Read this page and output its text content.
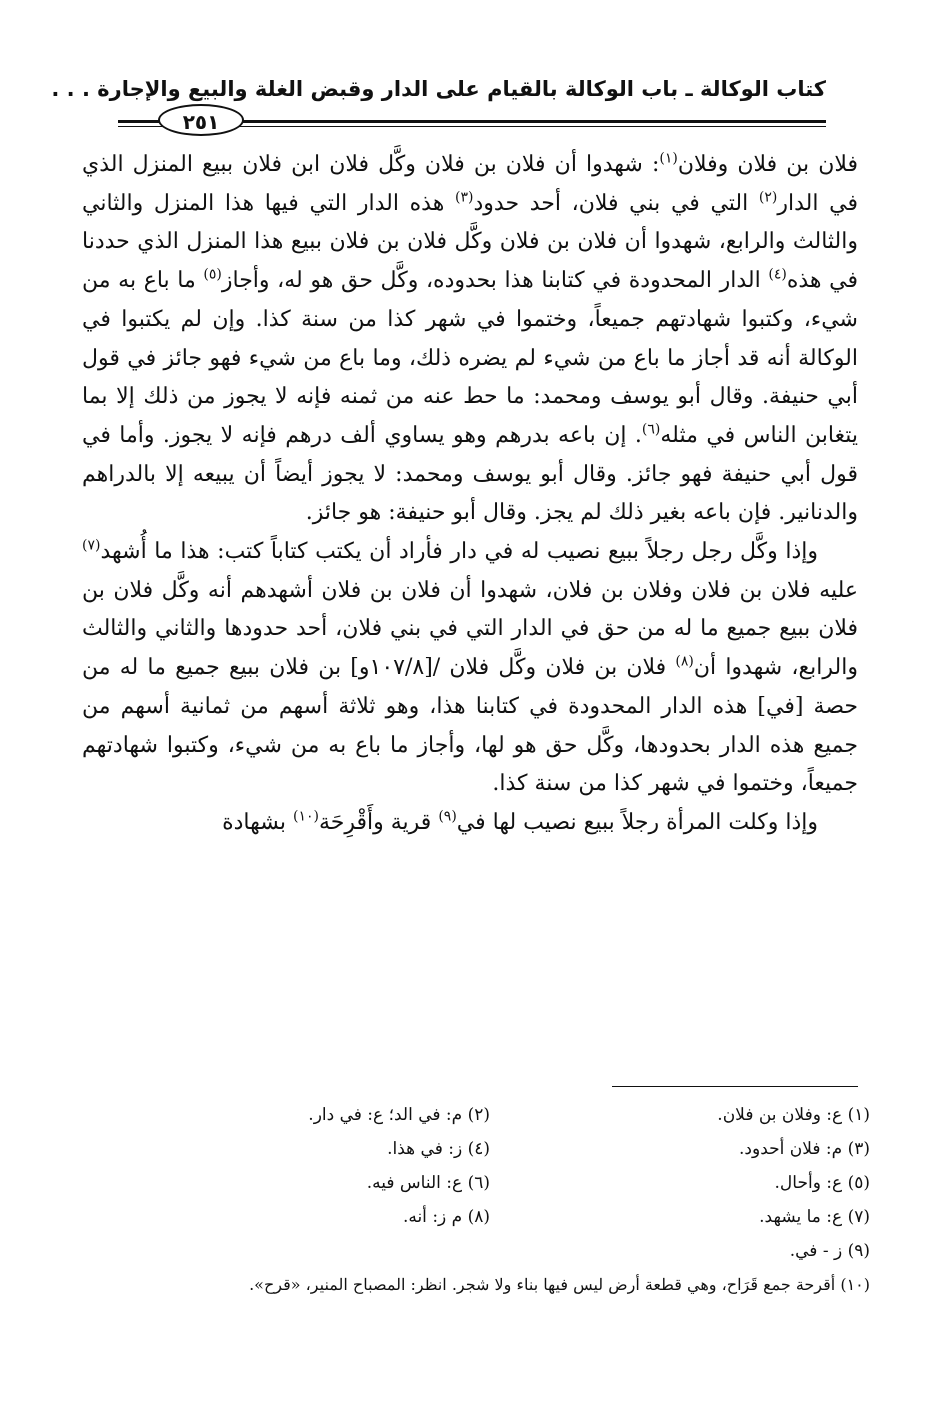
كتاب الوكالة ـ باب الوكالة بالقيام على الدار وقبض الغلة والبيع والإجارة . . .
٢٥١

فلان بن فلان وفلان$^{(١)}$: شهدوا أن فلان بن فلان وكَّل فلان ابن فلان ببيع المنزل الذي في الدار$^{(٢)}$ التي في بني فلان، أحد حدود$^{(٣)}$ هذه الدار التي فيها هذا المنزل والثاني والثالث والرابع، شهدوا أن فلان بن فلان وكَّل فلان بن فلان ببيع هذا المنزل الذي حددنا في هذه$^{(٤)}$ الدار المحدودة في كتابنا هذا بحدوده، وكَّل حق هو له، وأجاز$^{(٥)}$ ما باع به من شيء، وكتبوا شهادتهم جميعاً، وختموا في شهر كذا من سنة كذا. وإن لم يكتبوا في الوكالة أنه قد أجاز ما باع من شيء لم يضره ذلك، وما باع من شيء فهو جائز في قول أبي حنيفة. وقال أبو يوسف ومحمد: ما حط عنه من ثمنه فإنه لا يجوز من ذلك إلا بما يتغابن الناس في مثله$^{(٦)}$. إن باعه بدرهم وهو يساوي ألف درهم فإنه لا يجوز. وأما في قول أبي حنيفة فهو جائز. وقال أبو يوسف ومحمد: لا يجوز أيضاً أن يبيعه إلا بالدراهم والدنانير. فإن باعه بغير ذلك لم يجز. وقال أبو حنيفة: هو جائز.

وإذا وكَّل رجل رجلاً ببيع نصيب له في دار فأراد أن يكتب كتاباً كتب: هذا ما أُشهد$^{(٧)}$ عليه فلان بن فلان وفلان بن فلان، شهدوا أن فلان بن فلان أشهدهم أنه وكَّل فلان بن فلان ببيع جميع ما له من حق في الدار التي في بني فلان، أحد حدودها والثاني والثالث والرابع، شهدوا أن$^{(٨)}$ فلان بن فلان وكَّل فلان /[١٠٧/٨و] بن فلان ببيع جميع ما له من حصة [في] هذه الدار المحدودة في كتابنا هذا، وهو ثلاثة أسهم من ثمانية أسهم من جميع هذه الدار بحدودها، وكَّل حق هو لها، وأجاز ما باع به من شيء، وكتبوا شهادتهم جميعاً، وختموا في شهر كذا من سنة كذا.

وإذا وكلت المرأة رجلاً ببيع نصيب لها في$^{(٩)}$ قرية وأَقْرِحَة$^{(١٠)}$ بشهادة

(١) ع: وفلان بن فلان.
(٢) م: في الد؛ ع: في دار.
(٣) م: فلان أحدود.
(٤) ز: في هذا.
(٥) ع: وأحال.
(٦) ع: الناس فيه.
(٧) ع: ما يشهد.
(٨) م ز: أنه.
(٩) ز - في.
(١٠) أقرحة جمع قَرَاح، وهي قطعة أرض ليس فيها بناء ولا شجر. انظر: المصباح المنير، «قرح».
